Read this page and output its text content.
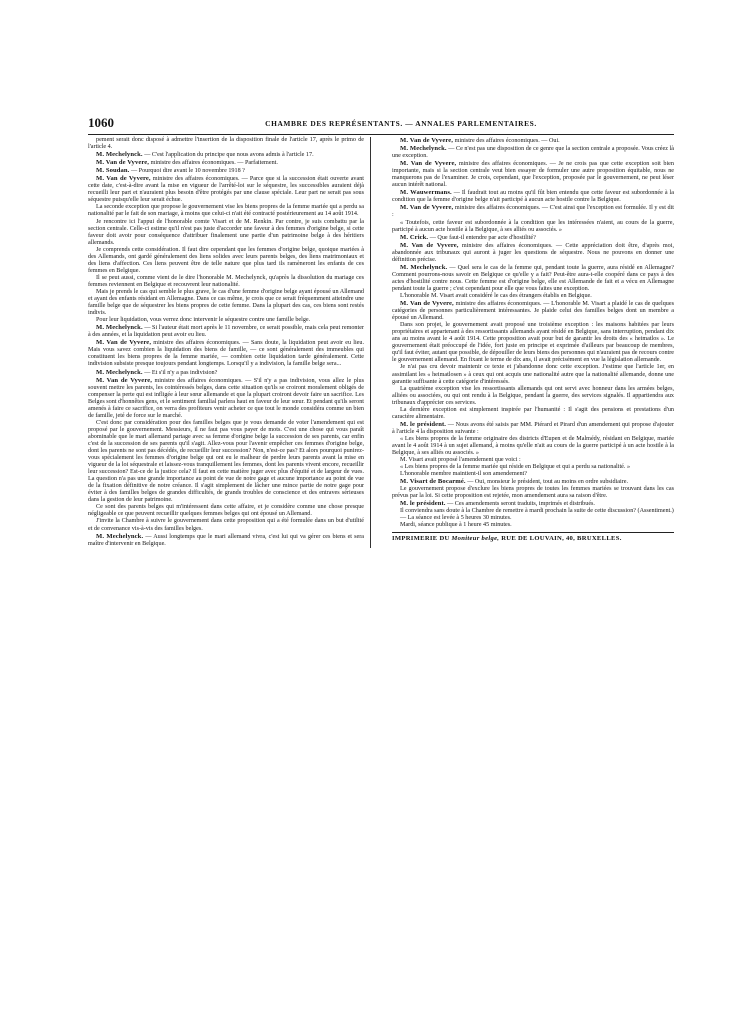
1060	CHAMBRE DES REPRÉSENTANTS. — ANNALES PARLEMENTAIRES.

pement serait donc disposé à admettre l'insertion de la disposition finale de l'article 17, après le primo de l'article 4.

M. Mechelynck. — C'est l'application du principe que nous avons admis à l'article 17.

M. Van de Vyvere, ministre des affaires économiques. — Parfaitement.

M. Soudan. — Pourquoi dire avant le 10 novembre 1918 ?

M. Van de Vyvere, ministre des affaires économiques. — Parce que si la succession était ouverte avant cette date, c'est-à-dire avant la mise en vigueur de l'arrêté-loi sur le séquestre, les successibles auraient déjà recueilli leur part et n'auraient plus besoin d'être protégés par une clause spéciale. Leur part ne serait pas sous séquestre puisqu'elle leur serait échue.

La seconde exception que propose le gouvernement vise les biens propres de la femme mariée qui a perdu sa nationalité par le fait de son mariage, à moins que celui-ci n'ait été contracté postérieurement au 14 août 1914.

Je rencontre ici l'appui de l'honorable comte Visart et de M. Renkin. Par contre, je suis combattu par la section centrale. Celle-ci estime qu'il n'est pas juste d'accorder une faveur à des femmes d'origine belge, si cette faveur doit avoir pour conséquence d'attribuer finalement une partie d'un patrimoine belge à des héritiers allemands.

Je comprends cette considération. Il faut dire cependant que les femmes d'origine belge, quoique mariées à des Allemands, ont gardé généralement des liens solides avec leurs parents belges, des liens matrimoniaux et des liens d'affection. Ces liens peuvent être de telle nature que plus tard ils ramèneront les enfants de ces femmes en Belgique.

Il se peut aussi, comme vient de le dire l'honorable M. Mechelynck, qu'après la dissolution du mariage ces femmes reviennent en Belgique et recouvrent leur nationalité.

Mais je prends le cas qui semble le plus grave, le cas d'une femme d'origine belge ayant épousé un Allemand et ayant des enfants résidant en Allemagne. Dans ce cas même, je crois que ce serait fréquemment atteindre une famille belge que de séquestrer les biens propres de cette femme. Dans la plupart des cas, ces biens sont restés indivis.

Pour leur liquidation, vous verrez donc intervenir le séquestre contre une famille belge.

M. Mechelynck. — Si l'auteur était mort après le 11 novembre, ce serait possible, mais cela peut remonter à des années, et la liquidation peut avoir eu lieu.

M. Van de Vyvere, ministre des affaires économiques. — Sans doute, la liquidation peut avoir eu lieu. Mais vous savez combien la liquidation des biens de famille, — ce sont généralement des immeubles qui constituent les biens propres de la femme mariée, — combien cette liquidation tarde généralement. Cette indivision subsiste presque toujours pendant longtemps. Lorsqu'il y a indivision, la famille belge sera...

M. Mechelynck. — Et s'il n'y a pas indivision?

M. Van de Vyvere, ministre des affaires économiques. — S'il n'y a pas indivision, vous allez le plus souvent mettre les parents, les cointéressés belges, dans cette situation qu'ils se croiront moralement obligés de compenser la perte qui est infligée à leur sœur allemande et que la plupart croiront devoir faire un sacrifice. Les Belges sont d'honnêtes gens, et le sentiment familial parlera haut en faveur de leur sœur. Et pendant qu'ils seront amenés à faire ce sacrifice, on verra des profiteurs venir acheter ce que tout le monde considéra comme un bien de famille, jeté de force sur le marché.

C'est donc par considération pour des familles belges que je vous demande de voter l'amendement qui est proposé par le gouvernement. Messieurs, il ne faut pas vous payer de mots. C'est une chose qui vous paraît abominable que le mari allemand partage avec sa femme d'origine belge la succession de ses parents, car enfin c'est de la succession de ses parents qu'il s'agit. Allez-vous pour l'avenir empêcher ces femmes d'origine belge, dont les parents ne sont pas décédés, de recueillir leur succession? Non, n'est-ce pas? Et alors pourquoi punirez-vous spécialement les femmes d'origine belge qui ont eu le malheur de perdre leurs parents avant la mise en vigueur de la loi séquestrale et laissez-vous tranquillement les femmes, dont les parents vivent encore, recueillir leur succession? Est-ce de la justice cela? Il faut en cette matière juger avec plus d'équité et de largeur de vues. La question n'a pas une grande importance au point de vue de notre gage et aucune importance au point de vue de la fixation définitive de notre créance. Il s'agit simplement de lâcher une mince partie de notre gage pour éviter à des familles belges de grandes difficultés, de grands troubles de conscience et des entraves sérieuses dans la gestion de leur patrimoine.

Ce sont des parents belges qui m'intéressent dans cette affaire, et je considère comme une chose presque négligeable ce que peuvent recueillir quelques femmes belges qui ont épousé un Allemand.

J'invite la Chambre à suivre le gouvernement dans cette proposition qui a été formulée dans un but d'utilité et de convenance vis-à-vis des familles belges.

M. Mechelynck. — Aussi longtemps que le mari allemand vivra, c'est lui qui va gérer ces biens et sera maître d'intervenir en Belgique.

M. Van de Vyvere, ministre des affaires économiques. — Oui.

M. Mechelynck. — Ce n'est pas une disposition de ce genre que la section centrale a proposée. Vous créez là une exception.

M. Van de Vyvere, ministre des affaires économiques. — Je ne crois pas que cette exception soit bien importante, mais si la section centrale veut bien essayer de formuler une autre proposition équitable, nous ne manquerons pas de l'examiner. Je crois, cependant, que l'exception, proposée par le gouvernement, ne peut léser aucun intérêt national.

M. Wauwermans. — Il faudrait tout au moins qu'il fût bien entendu que cette faveur est subordonnée à la condition que la femme d'origine belge n'ait participé à aucun acte hostile contre la Belgique.

M. Van de Vyvere, ministre des affaires économiques. — C'est ainsi que l'exception est formulée. Il y est dit :

« Toutefois, cette faveur est subordonnée à la condition que les intéressées n'aient, au cours de la guerre, participé à aucun acte hostile à la Belgique, à ses alliés ou associés. »

M. Crick. — Que faut-il entendre par acte d'hostilité?

M. Van de Vyvere, ministre des affaires économiques. — Cette appréciation doit être, d'après moi, abandonnée aux tribunaux qui auront à juger les questions de séquestre. Nous ne pouvons en donner une définition précise.

M. Mechelynck. — Quel sera le cas de la femme qui, pendant toute la guerre, aura résidé en Allemagne? Comment pourrons-nous savoir en Belgique ce qu'elle y a fait? Peut-être aura-t-elle coopéré dans ce pays à des actes d'hostilité contre nous. Cette femme est d'origine belge, elle est Allemande de fait et a vécu en Allemagne pendant toute la guerre ; c'est cependant pour elle que vous faites une exception.

L'honorable M. Visart avait considéré le cas des étrangers établis en Belgique.

M. Van de Vyvere, ministre des affaires économiques. — L'honorable M. Visart a plaidé le cas de quelques catégories de personnes particulièrement intéressantes. Je plaide celui des familles belges dont un membre a épousé un Allemand.

Dans son projet, le gouvernement avait proposé une troisième exception : les maisons habitées par leurs propriétaires et appartenant à des ressortissants allemands ayant résidé en Belgique, sans interruption, pendant dix ans au moins avant le 4 août 1914. Cette proposition avait pour but de garantir les droits des « heimatlos ». Le gouvernement était préoccupé de l'idée, fort juste en principe et exprimée d'ailleurs par beaucoup de membres, qu'il faut éviter, autant que possible, de dépouiller de leurs biens des personnes qui n'auraient pas de recours contre le gouvernement allemand. En fixant le terme de dix ans, il avait précisément en vue la législation allemande.

Je n'ai pas cru devoir maintenir ce texte et j'abandonne donc cette exception. J'estime que l'article 1er, en assimilant les « heimatlosen » à ceux qui ont acquis une nationalité autre que la nationalité allemande, donne une garantie suffisante à cette catégorie d'intéressés.

La quatrième exception vise les ressortissants allemands qui ont servi avec honneur dans les armées belges, alliées ou associées, ou qui ont rendu à la Belgique, pendant la guerre, des services signalés. Il appartiendra aux tribunaux d'apprécier ces services.

La dernière exception est simplement inspirée par l'humanité : Il s'agit des pensions et prestations d'un caractère alimentaire.

M. le président. — Nous avons été saisis par MM. Piérard et Pirard d'un amendement qui propose d'ajouter à l'article 4 la disposition suivante :

« Les biens propres de la femme originaire des districts d'Eupen et de Malmédy, résidant en Belgique, mariée avant le 4 août 1914 à un sujet allemand, à moins qu'elle n'ait au cours de la guerre participé à un acte hostile à la Belgique, à ses alliés ou associés. »

M. Visart avait proposé l'amendement que voici :

« Les biens propres de la femme mariée qui réside en Belgique et qui a perdu sa nationalité. »

L'honorable membre maintient-il son amendement?

M. Visart de Bocarmé. — Oui, monsieur le président, tout au moins en ordre subsidiaire.

Le gouvernement propose d'exclure les biens propres de toutes les femmes mariées se trouvant dans les cas prévus par la loi. Si cette proposition est rejetée, mon amendement aura sa raison d'être.

M. le président. — Ces amendements seront traduits, imprimés et distribués.

Il conviendra sans doute à la Chambre de remettre à mardi prochain la suite de cette discussion? (Assentiment.)

— La séance est levée à 5 heures 30 minutes.

Mardi, séance publique à 1 heure 45 minutes.

IMPRIMERIE DU Moniteur belge, RUE DE LOUVAIN, 40, BRUXELLES.
